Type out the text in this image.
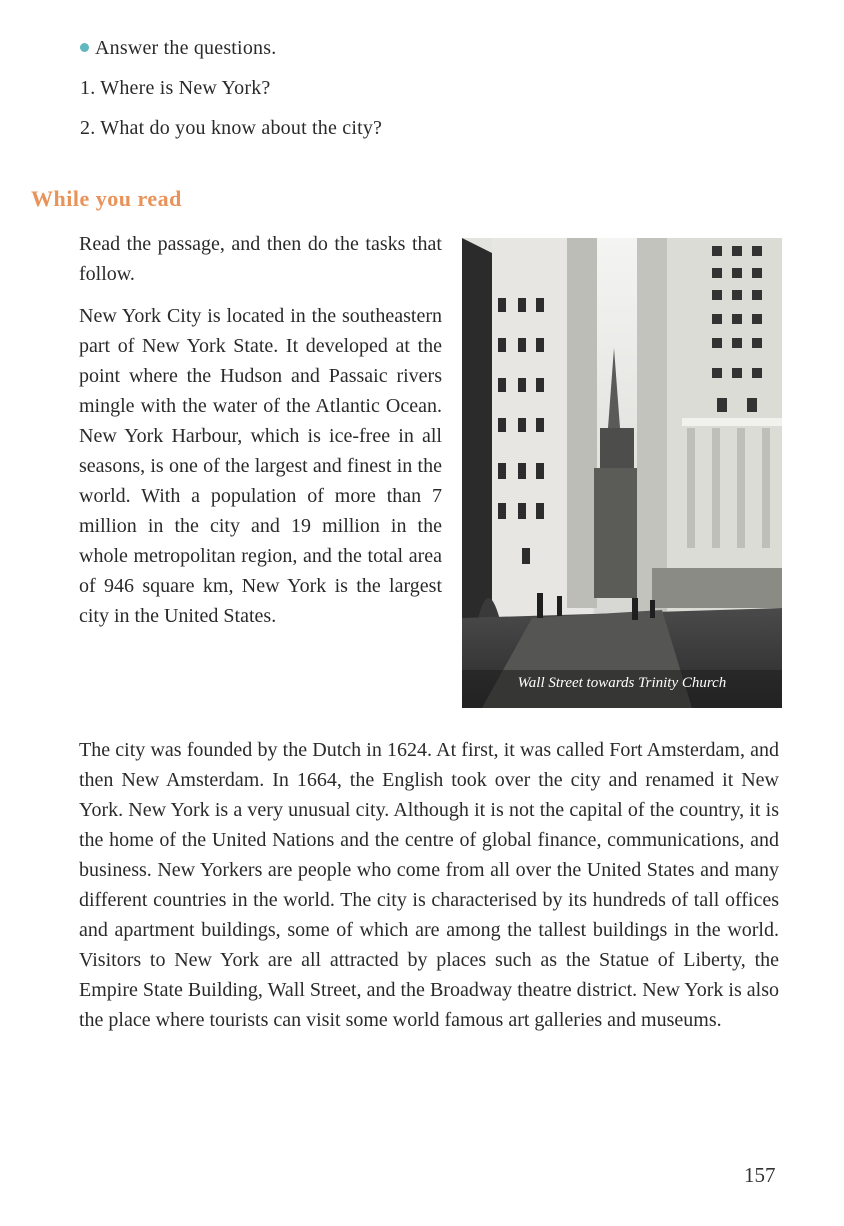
Answer the questions.
1. Where is New York?
2. What do you know about the city?
While you read

Read the passage, and then do the tasks that follow.

New York City is located in the southeastern part of New York State. It developed at the point where the Hudson and Passaic rivers mingle with the water of the Atlantic Ocean. New York Harbour, which is ice-free in all seasons, is one of the largest and finest in the world. With a population of more than 7 million in the city and 19 million in the whole metropolitan region, and the total area of 946 square km, New York is the largest city in the United States.

Wall Street towards Trinity Church

The city was founded by the Dutch in 1624. At first, it was called Fort Amsterdam, and then New Amsterdam. In 1664, the English took over the city and renamed it New York. New York is a very unusual city. Although it is not the capital of the country, it is the home of the United Nations and the centre of global finance, communications, and business. New Yorkers are people who come from all over the United States and many different countries in the world. The city is characterised by its hundreds of tall offices and apartment buildings, some of which are among the tallest buildings in the world. Visitors to New York are all attracted by places such as the Statue of Liberty, the Empire State Building, Wall Street, and the Broadway theatre district. New York is also the place where tourists can visit some world famous art galleries and museums.

157
